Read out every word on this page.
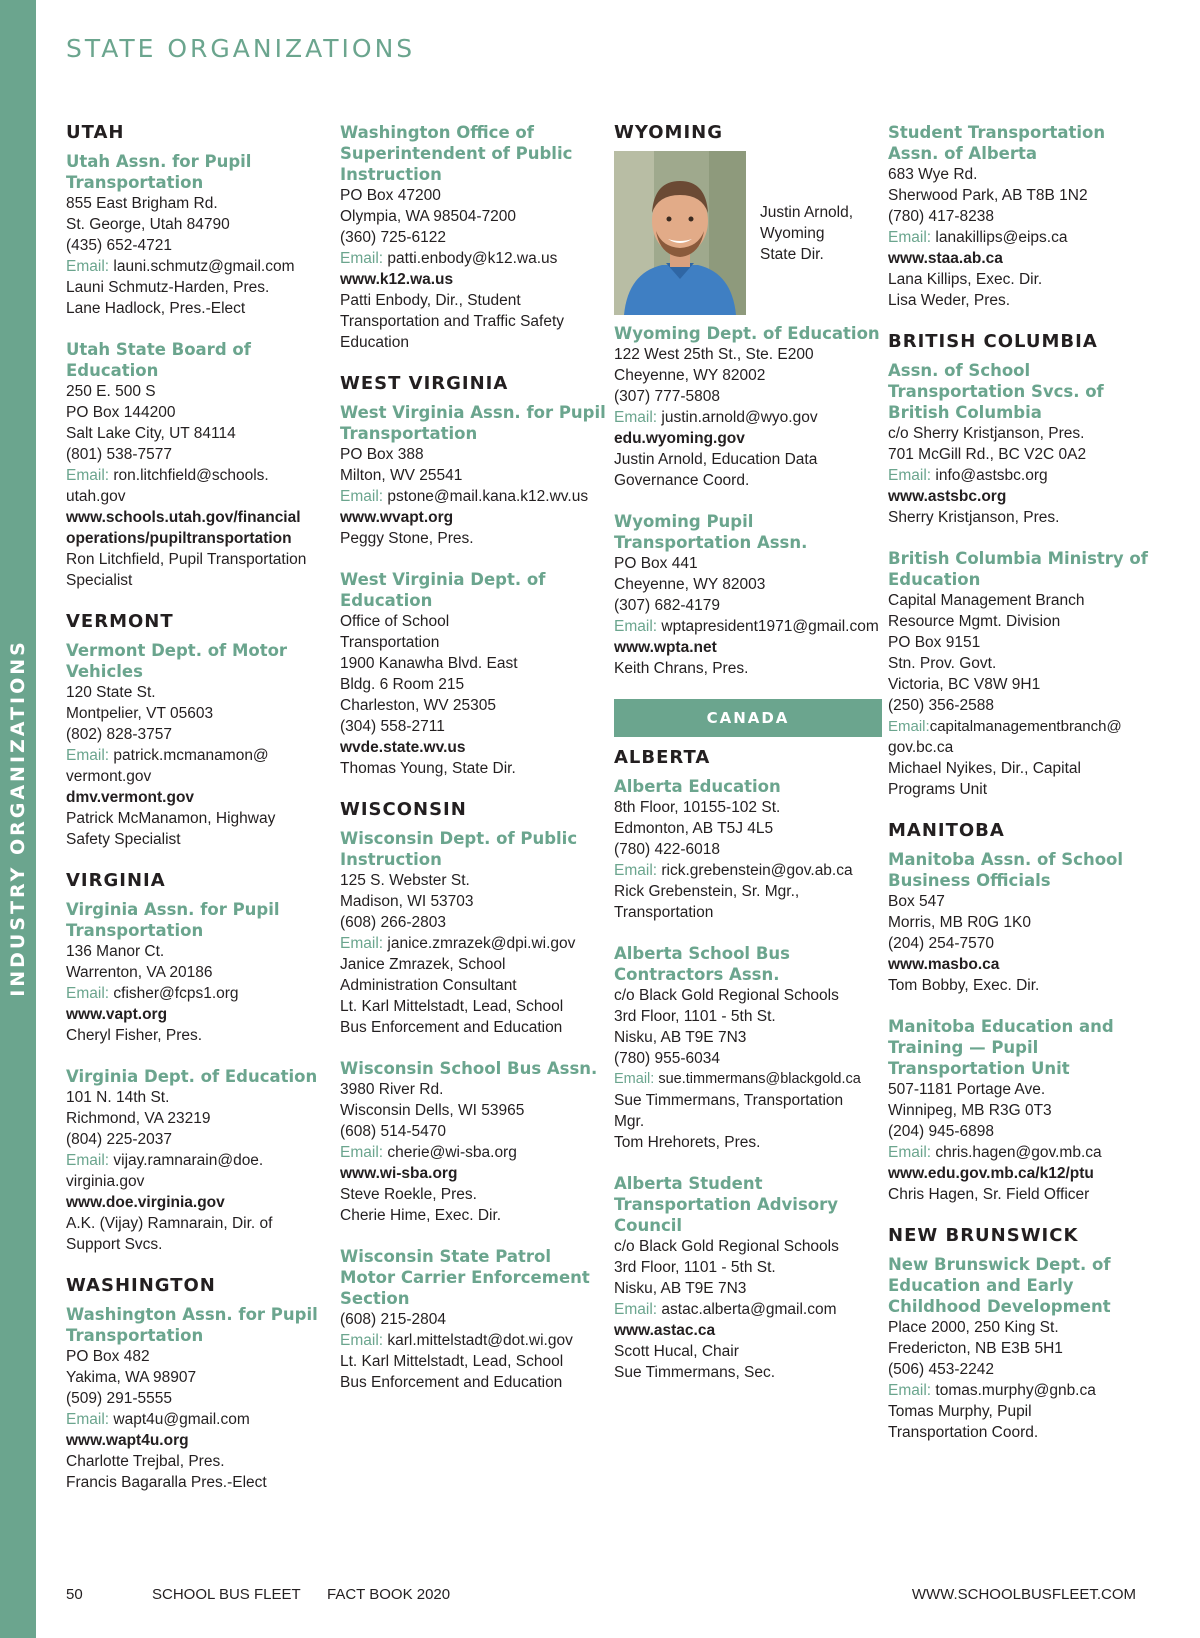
INDUSTRY ORGANIZATIONS
STATE ORGANIZATIONS
UTAH
Utah Assn. for Pupil Transportation
855 East Brigham Rd.
St. George, Utah 84790
(435) 652-4721
Email: launi.schmutz@gmail.com
Launi Schmutz-Harden, Pres.
Lane Hadlock, Pres.-Elect
Utah State Board of Education
250 E. 500 S
PO Box 144200
Salt Lake City, UT 84114
(801) 538-7577
Email: ron.litchfield@schools.
utah.gov
www.schools.utah.gov/financial
operations/pupiltransportation
Ron Litchfield, Pupil Transportation
Specialist
VERMONT
Vermont Dept. of Motor Vehicles
120 State St.
Montpelier, VT 05603
(802) 828-3757
Email: patrick.mcmanamon@
vermont.gov
dmv.vermont.gov
Patrick McManamon, Highway
Safety Specialist
VIRGINIA
Virginia Assn. for Pupil Transportation
136 Manor Ct.
Warrenton, VA 20186
Email: cfisher@fcps1.org
www.vapt.org
Cheryl Fisher, Pres.
Virginia Dept. of Education
101 N. 14th St.
Richmond, VA 23219
(804) 225-2037
Email: vijay.ramnarain@doe.
virginia.gov
www.doe.virginia.gov
A.K. (Vijay) Ramnarain, Dir. of
Support Svcs.
WASHINGTON
Washington Assn. for Pupil Transportation
PO Box 482
Yakima, WA 98907
(509) 291-5555
Email: wapt4u@gmail.com
www.wapt4u.org
Charlotte Trejbal, Pres.
Francis Bagaralla Pres.-Elect
Washington Office of Superintendent of Public Instruction
PO Box 47200
Olympia, WA 98504-7200
(360) 725-6122
Email: patti.enbody@k12.wa.us
www.k12.wa.us
Patti Enbody, Dir., Student
Transportation and Traffic Safety
Education
WEST VIRGINIA
West Virginia Assn. for Pupil Transportation
PO Box 388
Milton, WV 25541
Email: pstone@mail.kana.k12.wv.us
www.wvapt.org
Peggy Stone, Pres.
West Virginia Dept. of Education
Office of School
Transportation
1900 Kanawha Blvd. East
Bldg. 6 Room 215
Charleston, WV 25305
(304) 558-2711
wvde.state.wv.us
Thomas Young, State Dir.
WISCONSIN
Wisconsin Dept. of Public Instruction
125 S. Webster St.
Madison, WI 53703
(608) 266-2803
Email: janice.zmrazek@dpi.wi.gov
Janice Zmrazek, School
Administration Consultant
Lt. Karl Mittelstadt, Lead, School
Bus Enforcement and Education
Wisconsin School Bus Assn.
3980 River Rd.
Wisconsin Dells, WI 53965
(608) 514-5470
Email: cherie@wi-sba.org
www.wi-sba.org
Steve Roekle, Pres.
Cherie Hime, Exec. Dir.
Wisconsin State Patrol Motor Carrier Enforcement Section
(608) 215-2804
Email: karl.mittelstadt@dot.wi.gov
Lt. Karl Mittelstadt, Lead, School
Bus Enforcement and Education
WYOMING
Justin Arnold,
Wyoming
State Dir.
Wyoming Dept. of Education
122 West 25th St., Ste. E200
Cheyenne, WY 82002
(307) 777-5808
Email: justin.arnold@wyo.gov
edu.wyoming.gov
Justin Arnold, Education Data
Governance Coord.
Wyoming Pupil Transportation Assn.
PO Box 441
Cheyenne, WY 82003
(307) 682-4179
Email: wptapresident1971@gmail.com
www.wpta.net
Keith Chrans, Pres.
CANADA
ALBERTA
Alberta Education
8th Floor, 10155-102 St.
Edmonton, AB T5J 4L5
(780) 422-6018
Email: rick.grebenstein@gov.ab.ca
Rick Grebenstein, Sr. Mgr.,
Transportation
Alberta School Bus Contractors Assn.
c/o Black Gold Regional Schools
3rd Floor, 1101 - 5th St.
Nisku, AB T9E 7N3
(780) 955-6034
Email: sue.timmermans@blackgold.ca
Sue Timmermans, Transportation
Mgr.
Tom Hrehorets, Pres.
Alberta Student Transportation Advisory Council
c/o Black Gold Regional Schools
3rd Floor, 1101 - 5th St.
Nisku, AB T9E 7N3
Email: astac.alberta@gmail.com
www.astac.ca
Scott Hucal, Chair
Sue Timmermans, Sec.
Student Transportation Assn. of Alberta
683 Wye Rd.
Sherwood Park, AB T8B 1N2
(780) 417-8238
Email: lanakillips@eips.ca
www.staa.ab.ca
Lana Killips, Exec. Dir.
Lisa Weder, Pres.
BRITISH COLUMBIA
Assn. of School Transportation Svcs. of British Columbia
c/o Sherry Kristjanson, Pres.
701 McGill Rd., BC V2C 0A2
Email: info@astsbc.org
www.astsbc.org
Sherry Kristjanson, Pres.
British Columbia Ministry of Education
Capital Management Branch
Resource Mgmt. Division
PO Box 9151
Stn. Prov. Govt.
Victoria, BC V8W 9H1
(250) 356-2588
Email:capitalmanagementbranch@
gov.bc.ca
Michael Nyikes, Dir., Capital
Programs Unit
MANITOBA
Manitoba Assn. of School Business Officials
Box 547
Morris, MB R0G 1K0
(204) 254-7570
www.masbo.ca
Tom Bobby, Exec. Dir.
Manitoba Education and Training — Pupil Transportation Unit
507-1181 Portage Ave.
Winnipeg, MB R3G 0T3
(204) 945-6898
Email: chris.hagen@gov.mb.ca
www.edu.gov.mb.ca/k12/ptu
Chris Hagen, Sr. Field Officer
NEW BRUNSWICK
New Brunswick Dept. of Education and Early Childhood Development
Place 2000, 250 King St.
Fredericton, NB E3B 5H1
(506) 453-2242
Email: tomas.murphy@gnb.ca
Tomas Murphy, Pupil
Transportation Coord.
50	SCHOOL BUS FLEET FACT BOOK 2020	WWW.SCHOOLBUSFLEET.COM
